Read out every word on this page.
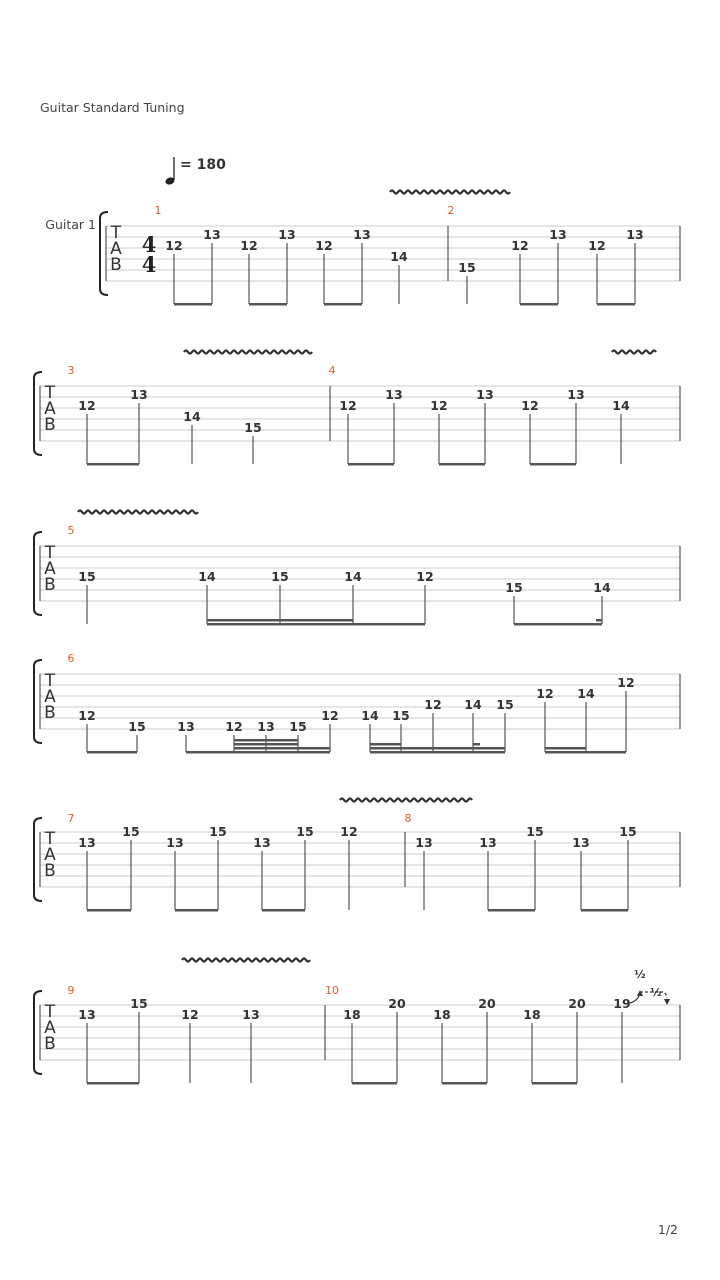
Guitar Standard Tuning
= 180
1/2
T
A
B
T
A
B
T
A
B
T
A
B
T
A
B
T
A
B
Guitar 1
4
4
1	2
3	4
5
6
7	8
9	10
12
13
12
13
12
13
14
15
12
13
12
13
12
13
14
15
12
13
12
13
12
13
14
15	14	15	14	12
15	14
12
15	13 12 13 15
12 14 15
12 14 15
12 14
12
13
15
13
15
13
15 12
13	13
15
13
15
13
15
12	13	18
20
18
20
18
20 19
½
½
